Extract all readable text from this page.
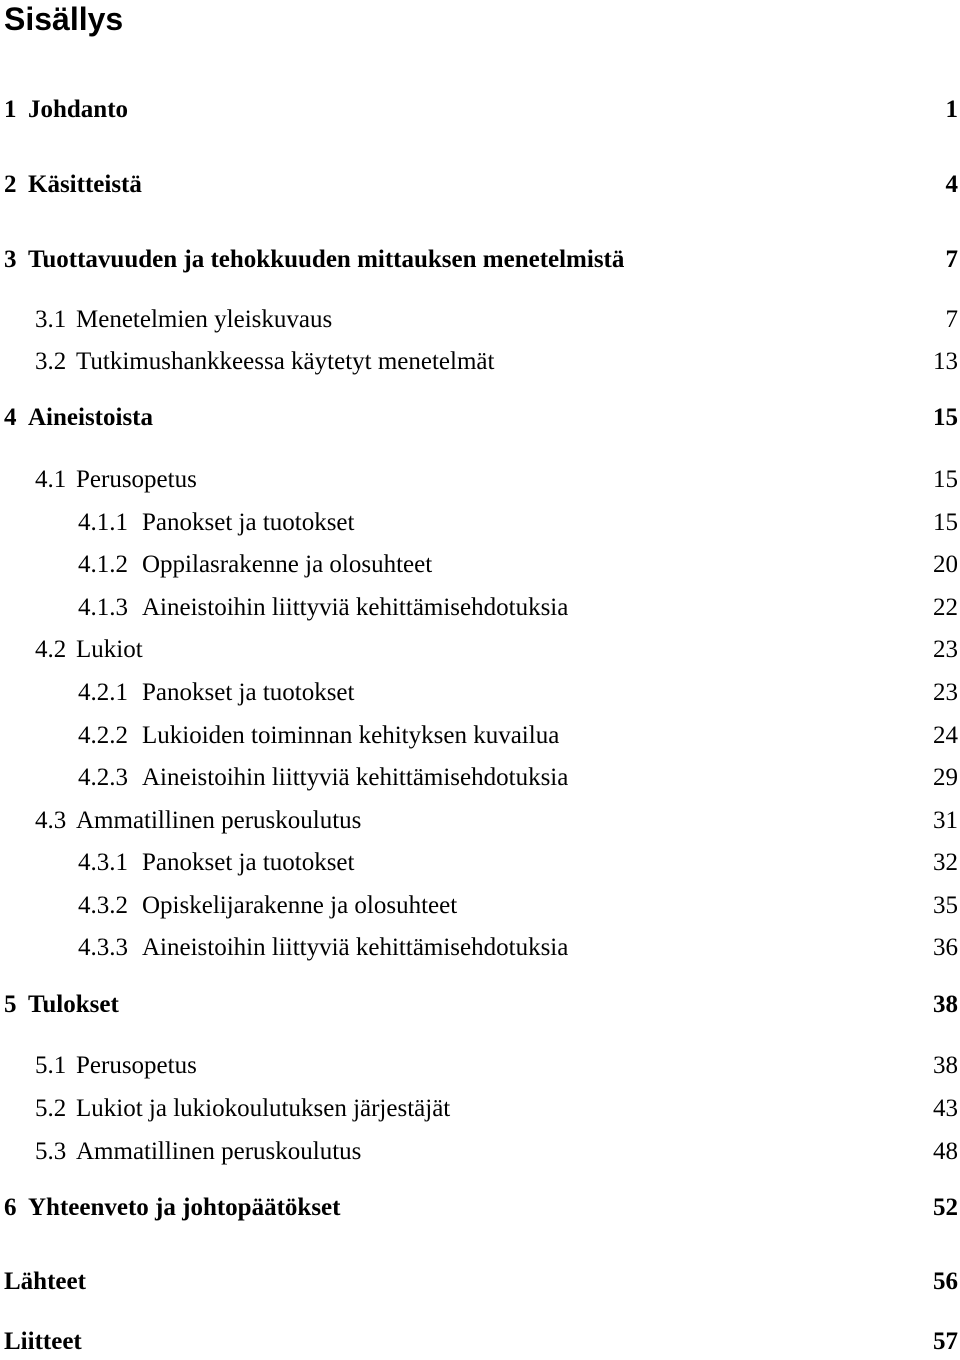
Sisällys
1 Johdanto	1
2 Käsitteistä	4
3 Tuottavuuden ja tehokkuuden mittauksen menetelmistä	7
3.1 Menetelmien yleiskuvaus	7
3.2 Tutkimushankkeessa käytetyt menetelmät	13
4 Aineistoista	15
4.1 Perusopetus	15
4.1.1 Panokset ja tuotokset	15
4.1.2 Oppilasrakenne ja olosuhteet	20
4.1.3 Aineistoihin liittyviä kehittämisehdotuksia	22
4.2 Lukiot	23
4.2.1 Panokset ja tuotokset	23
4.2.2 Lukioiden toiminnan kehityksen kuvailua	24
4.2.3 Aineistoihin liittyviä kehittämisehdotuksia	29
4.3 Ammatillinen peruskoulutus	31
4.3.1 Panokset ja tuotokset	32
4.3.2 Opiskelijarakenne ja olosuhteet	35
4.3.3 Aineistoihin liittyviä kehittämisehdotuksia	36
5 Tulokset	38
5.1 Perusopetus	38
5.2 Lukiot ja lukiokoulutuksen järjestäjät	43
5.3 Ammatillinen peruskoulutus	48
6 Yhteenveto ja johtopäätökset	52
Lähteet	56
Liitteet	57
